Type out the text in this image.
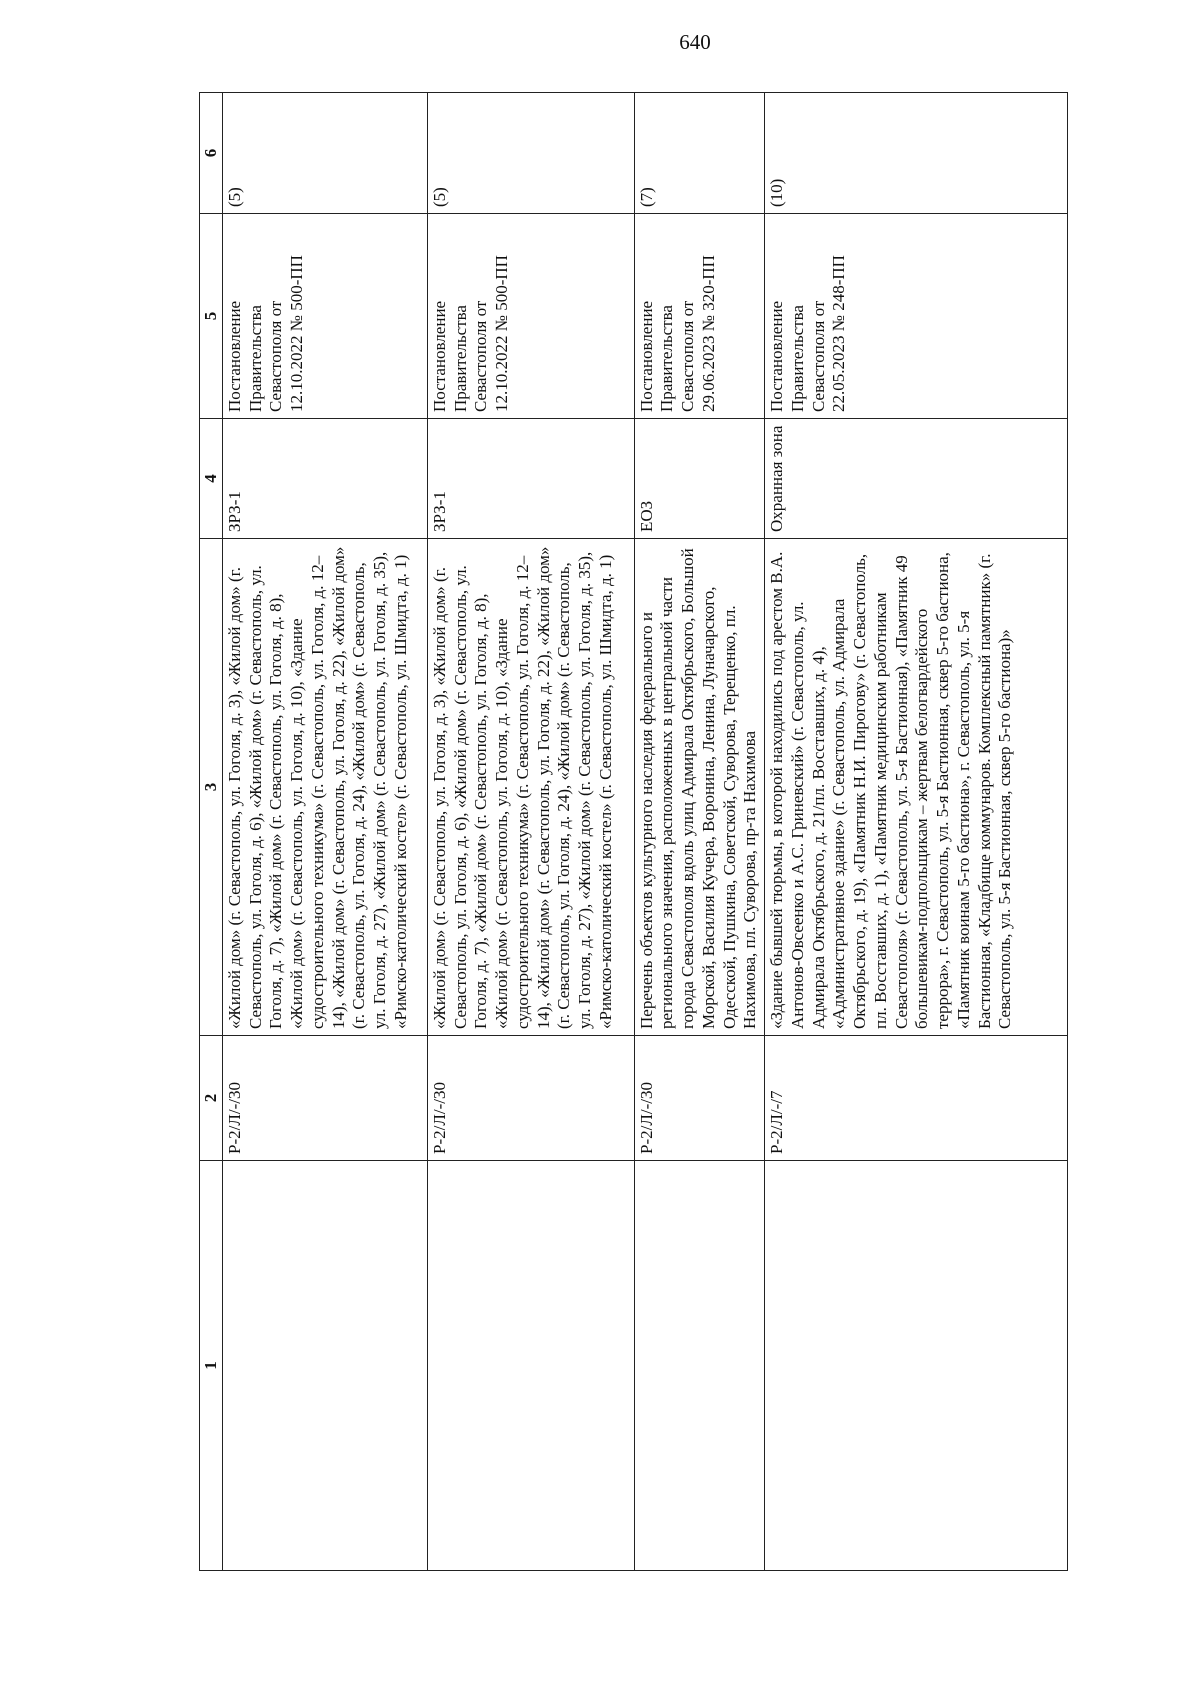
640
1	2	3	4	5	6
	Р-2/Л/-/30	«Жилой дом» (г. Севастополь, ул. Гоголя, д. 3), «Жилой дом» (г. Севастополь, ул. Гоголя, д. 6), «Жилой дом» (г. Севастополь, ул. Гоголя, д. 7), «Жилой дом» (г. Севастополь, ул. Гоголя, д. 8), «Жилой дом» (г. Севастополь, ул. Гоголя, д. 10), «Здание судостроительного техникума» (г. Севастополь, ул. Гоголя, д. 12–14), «Жилой дом» (г. Севастополь, ул. Гоголя, д. 22), «Жилой дом» (г. Севастополь, ул. Гоголя, д. 24), «Жилой дом» (г. Севастополь, ул. Гоголя, д. 27), «Жилой дом» (г. Севастополь, ул. Гоголя, д. 35), «Римско-католический костел» (г. Севастополь, ул. Шмидта, д. 1)	ЗРЗ-1	Постановление Правительства Севастополя от 12.10.2022 № 500-ПП	(5)
	Р-2/Л/-/30	«Жилой дом» (г. Севастополь, ул. Гоголя, д. 3), «Жилой дом» (г. Севастополь, ул. Гоголя, д. 6), «Жилой дом» (г. Севастополь, ул. Гоголя, д. 7), «Жилой дом» (г. Севастополь, ул. Гоголя, д. 8), «Жилой дом» (г. Севастополь, ул. Гоголя, д. 10), «Здание судостроительного техникума» (г. Севастополь, ул. Гоголя, д. 12–14), «Жилой дом» (г. Севастополь, ул. Гоголя, д. 22), «Жилой дом» (г. Севастополь, ул. Гоголя, д. 24), «Жилой дом» (г. Севастополь, ул. Гоголя, д. 27), «Жилой дом» (г. Севастополь, ул. Гоголя, д. 35), «Римско-католический костел» (г. Севастополь, ул. Шмидта, д. 1)	ЗРЗ-1	Постановление Правительства Севастополя от 12.10.2022 № 500-ПП	(5)
	Р-2/Л/-/30	Перечень объектов культурного наследия федерального и регионального значения, расположенных в центральной части города Севастополя вдоль улиц Адмирала Октябрьского, Большой Морской, Василия Кучера, Воронина, Ленина, Луначарского, Одесской, Пушкина, Советской, Суворова, Терещенко, пл. Нахимова, пл. Суворова, пр-та Нахимова	ЕОЗ	Постановление Правительства Севастополя от 29.06.2023 № 320-ПП	(7)
	Р-2/Л/-/7	«Здание бывшей тюрьмы, в которой находились под арестом В.А. Антонов-Овсеенко и А.С. Гриневский» (г. Севастополь, ул. Адмирала Октябрьского, д. 21/пл. Восставших, д. 4), «Административное здание» (г. Севастополь, ул. Адмирала Октябрьского, д. 19), «Памятник Н.И. Пирогову» (г. Севастополь, пл. Восставших, д. 1), «Памятник медицинским работникам Севастополя» (г. Севастополь, ул. 5-я Бастионная), «Памятник 49 большевикам-подпольщикам – жертвам белогвардейского террора», г. Севастополь, ул. 5-я Бастионная, сквер 5-го бастиона, «Памятник воинам 5-го бастиона», г. Севастополь, ул. 5-я Бастионная, «Кладбище коммунаров. Комплексный памятник» (г. Севастополь, ул. 5-я Бастионная, сквер 5-го бастиона)»	Охранная зона	Постановление Правительства Севастополя от 22.05.2023 № 248-ПП	(10)
